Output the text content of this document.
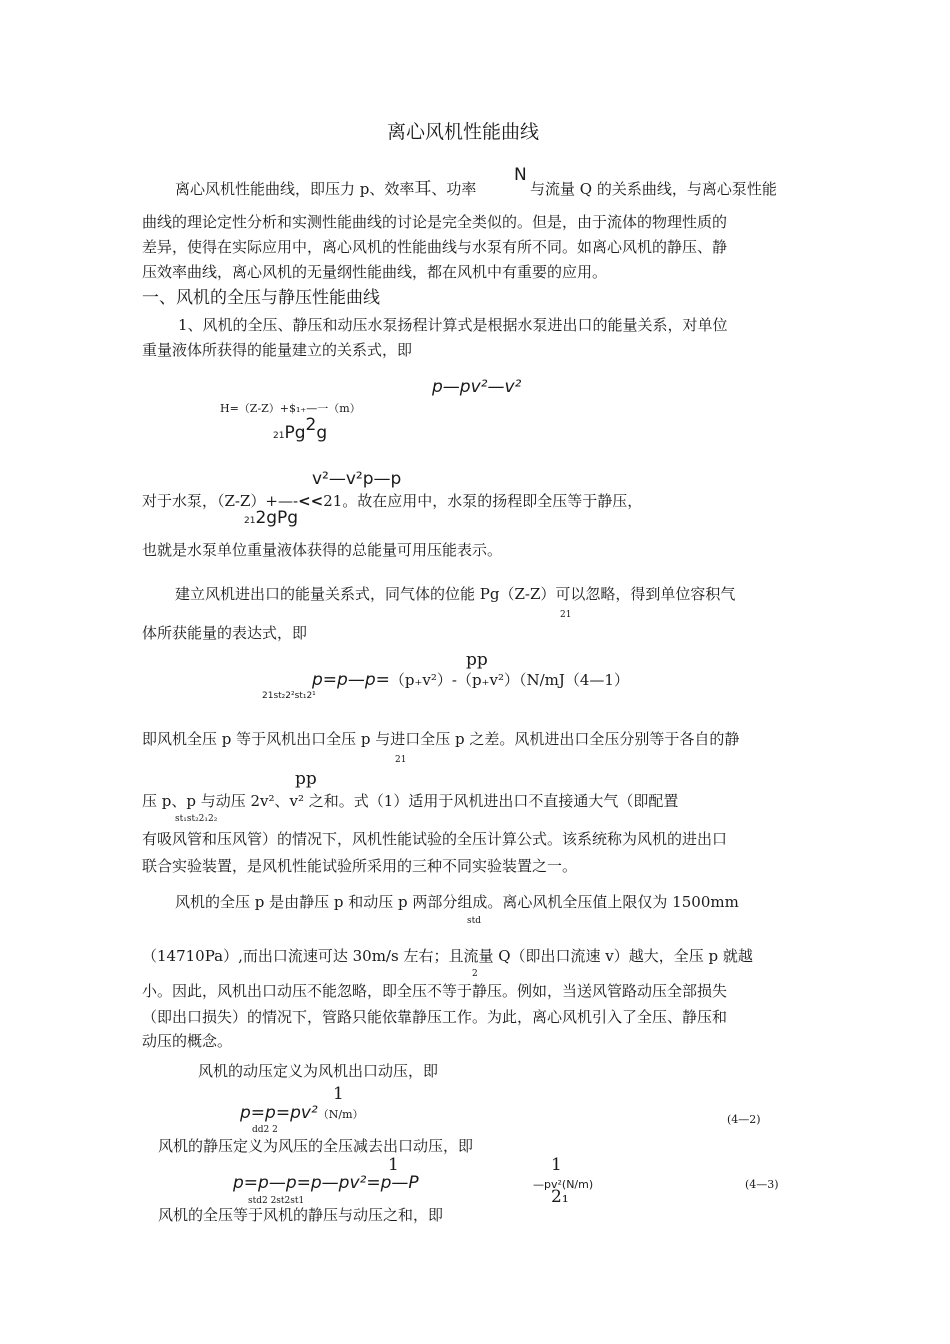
离心风机性能曲线
离心风机性能曲线，即压力 p、效率耳、功率
N
与流量 Q 的关系曲线，与离心泵性能
曲线的理论定性分析和实测性能曲线的讨论是完全类似的。但是，由于流体的物理性质的
差异，使得在实际应用中，离心风机的性能曲线与水泵有所不同。如离心风机的静压、静
压效率曲线，离心风机的无量纲性能曲线，都在风机中有重要的应用。
一、风机的全压与静压性能曲线
1、风机的全压、静压和动压水泵扬程计算式是根据水泵进出口的能量关系，对单位
重量液体所获得的能量建立的关系式，即
p—pv²—v²
H=（Z-Z）+$₁₊—一（m）
21Pg2g
v²—v²p—p
对于水泵，（Z-Z）+—-<<21。故在应用中，水泵的扬程即全压等于静压，
212gPg
也就是水泵单位重量液体获得的总能量可用压能表示。
建立风机进出口的能量关系式，同气体的位能 Pg（Z-Z）可以忽略，得到单位容积气
21
体所获能量的表达式，即
pp
p=p—p=（p₊v²）-（p₊v²）（N/mJ（4—1）
21st₂2²st₁2¹
即风机全压 p 等于风机出口全压 p 与进口全压 p 之差。风机进出口全压分别等于各自的静
21
pp
压 p、p 与动压 2v²、v² 之和。式（1）适用于风机进出口不直接通大气（即配置
st₁st₂2₁2₂
有吸风管和压风管）的情况下，风机性能试验的全压计算公式。该系统称为风机的进出口
联合实验装置，是风机性能试验所采用的三种不同实验装置之一。
风机的全压 p 是由静压 p 和动压 p 两部分组成。离心风机全压值上限仅为 1500mm
std
（14710Pa）,而出口流速可达 30m/s 左右；且流量 Q（即出口流速 v）越大，全压 p 就越
2
小。因此，风机出口动压不能忽略，即全压不等于静压。例如，当送风管路动压全部损失
（即出口损失）的情况下，管路只能依靠静压工作。为此，离心风机引入了全压、静压和
动压的概念。
风机的动压定义为风机出口动压，即
1
p=p=pv²（N/m）	(4—2)
dd2 2
风机的静压定义为风压的全压减去出口动压，即
1	1
p=p—p=p—pv²=p—P	—pv²(N/m)	(4—3)
std2 2st2st1	2₁
风机的全压等于风机的静压与动压之和，即
